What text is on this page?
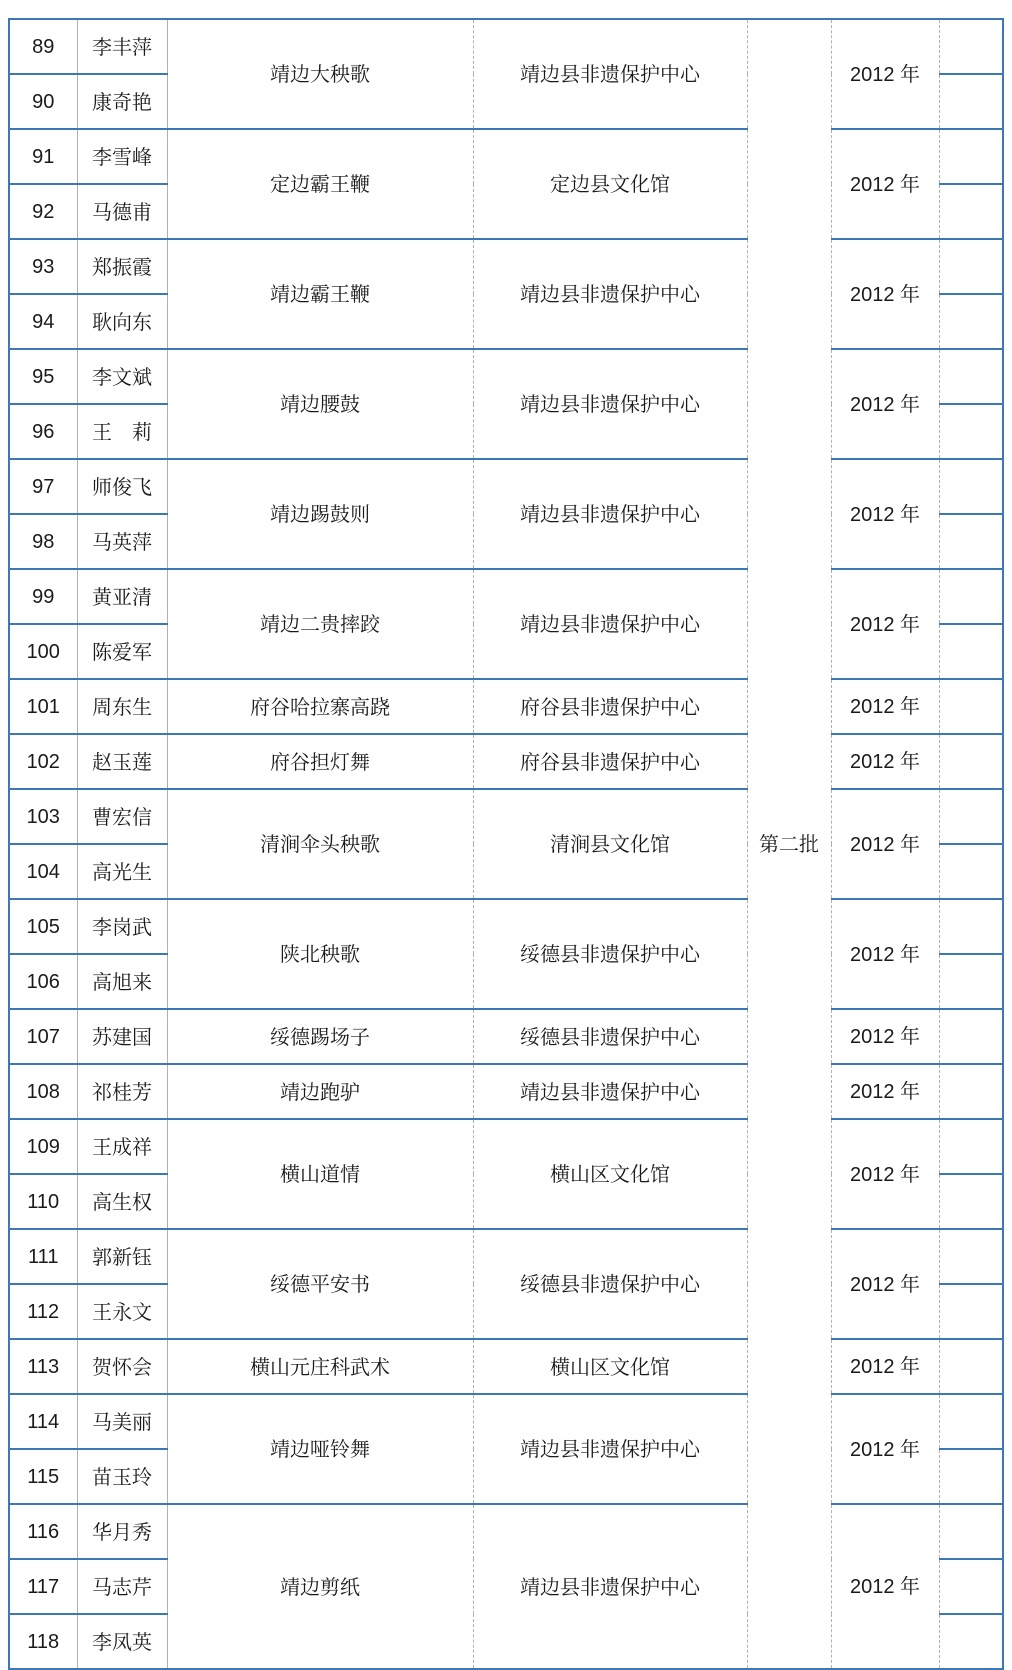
89	李丰萍	靖边大秧歌	靖边县非遗保护中心	第二批	2012 年	
90	康奇艳					
91	李雪峰	定边霸王鞭	定边县文化馆		2012 年	
92	马德甫					
93	郑振霞	靖边霸王鞭	靖边县非遗保护中心		2012 年	
94	耿向东					
95	李文斌	靖边腰鼓	靖边县非遗保护中心		2012 年	
96	王　莉					
97	师俊飞	靖边踢鼓则	靖边县非遗保护中心		2012 年	
98	马英萍					
99	黄亚清	靖边二贵摔跤	靖边县非遗保护中心		2012 年	
100	陈爱军					
101	周东生	府谷哈拉寨高跷	府谷县非遗保护中心		2012 年	
102	赵玉莲	府谷担灯舞	府谷县非遗保护中心		2012 年	
103	曹宏信	清涧伞头秧歌	清涧县文化馆		2012 年	
104	高光生					
105	李岗武	陕北秧歌	绥德县非遗保护中心		2012 年	
106	高旭来					
107	苏建国	绥德踢场子	绥德县非遗保护中心		2012 年	
108	祁桂芳	靖边跑驴	靖边县非遗保护中心		2012 年	
109	王成祥	横山道情	横山区文化馆		2012 年	
110	高生权					
111	郭新钰	绥德平安书	绥德县非遗保护中心		2012 年	
112	王永文					
113	贺怀会	横山元庄科武术	横山区文化馆		2012 年	
114	马美丽	靖边哑铃舞	靖边县非遗保护中心		2012 年	
115	苗玉玲					
116	华月秀	靖边剪纸	靖边县非遗保护中心		2012 年	
117	马志芹					
118	李凤英					
